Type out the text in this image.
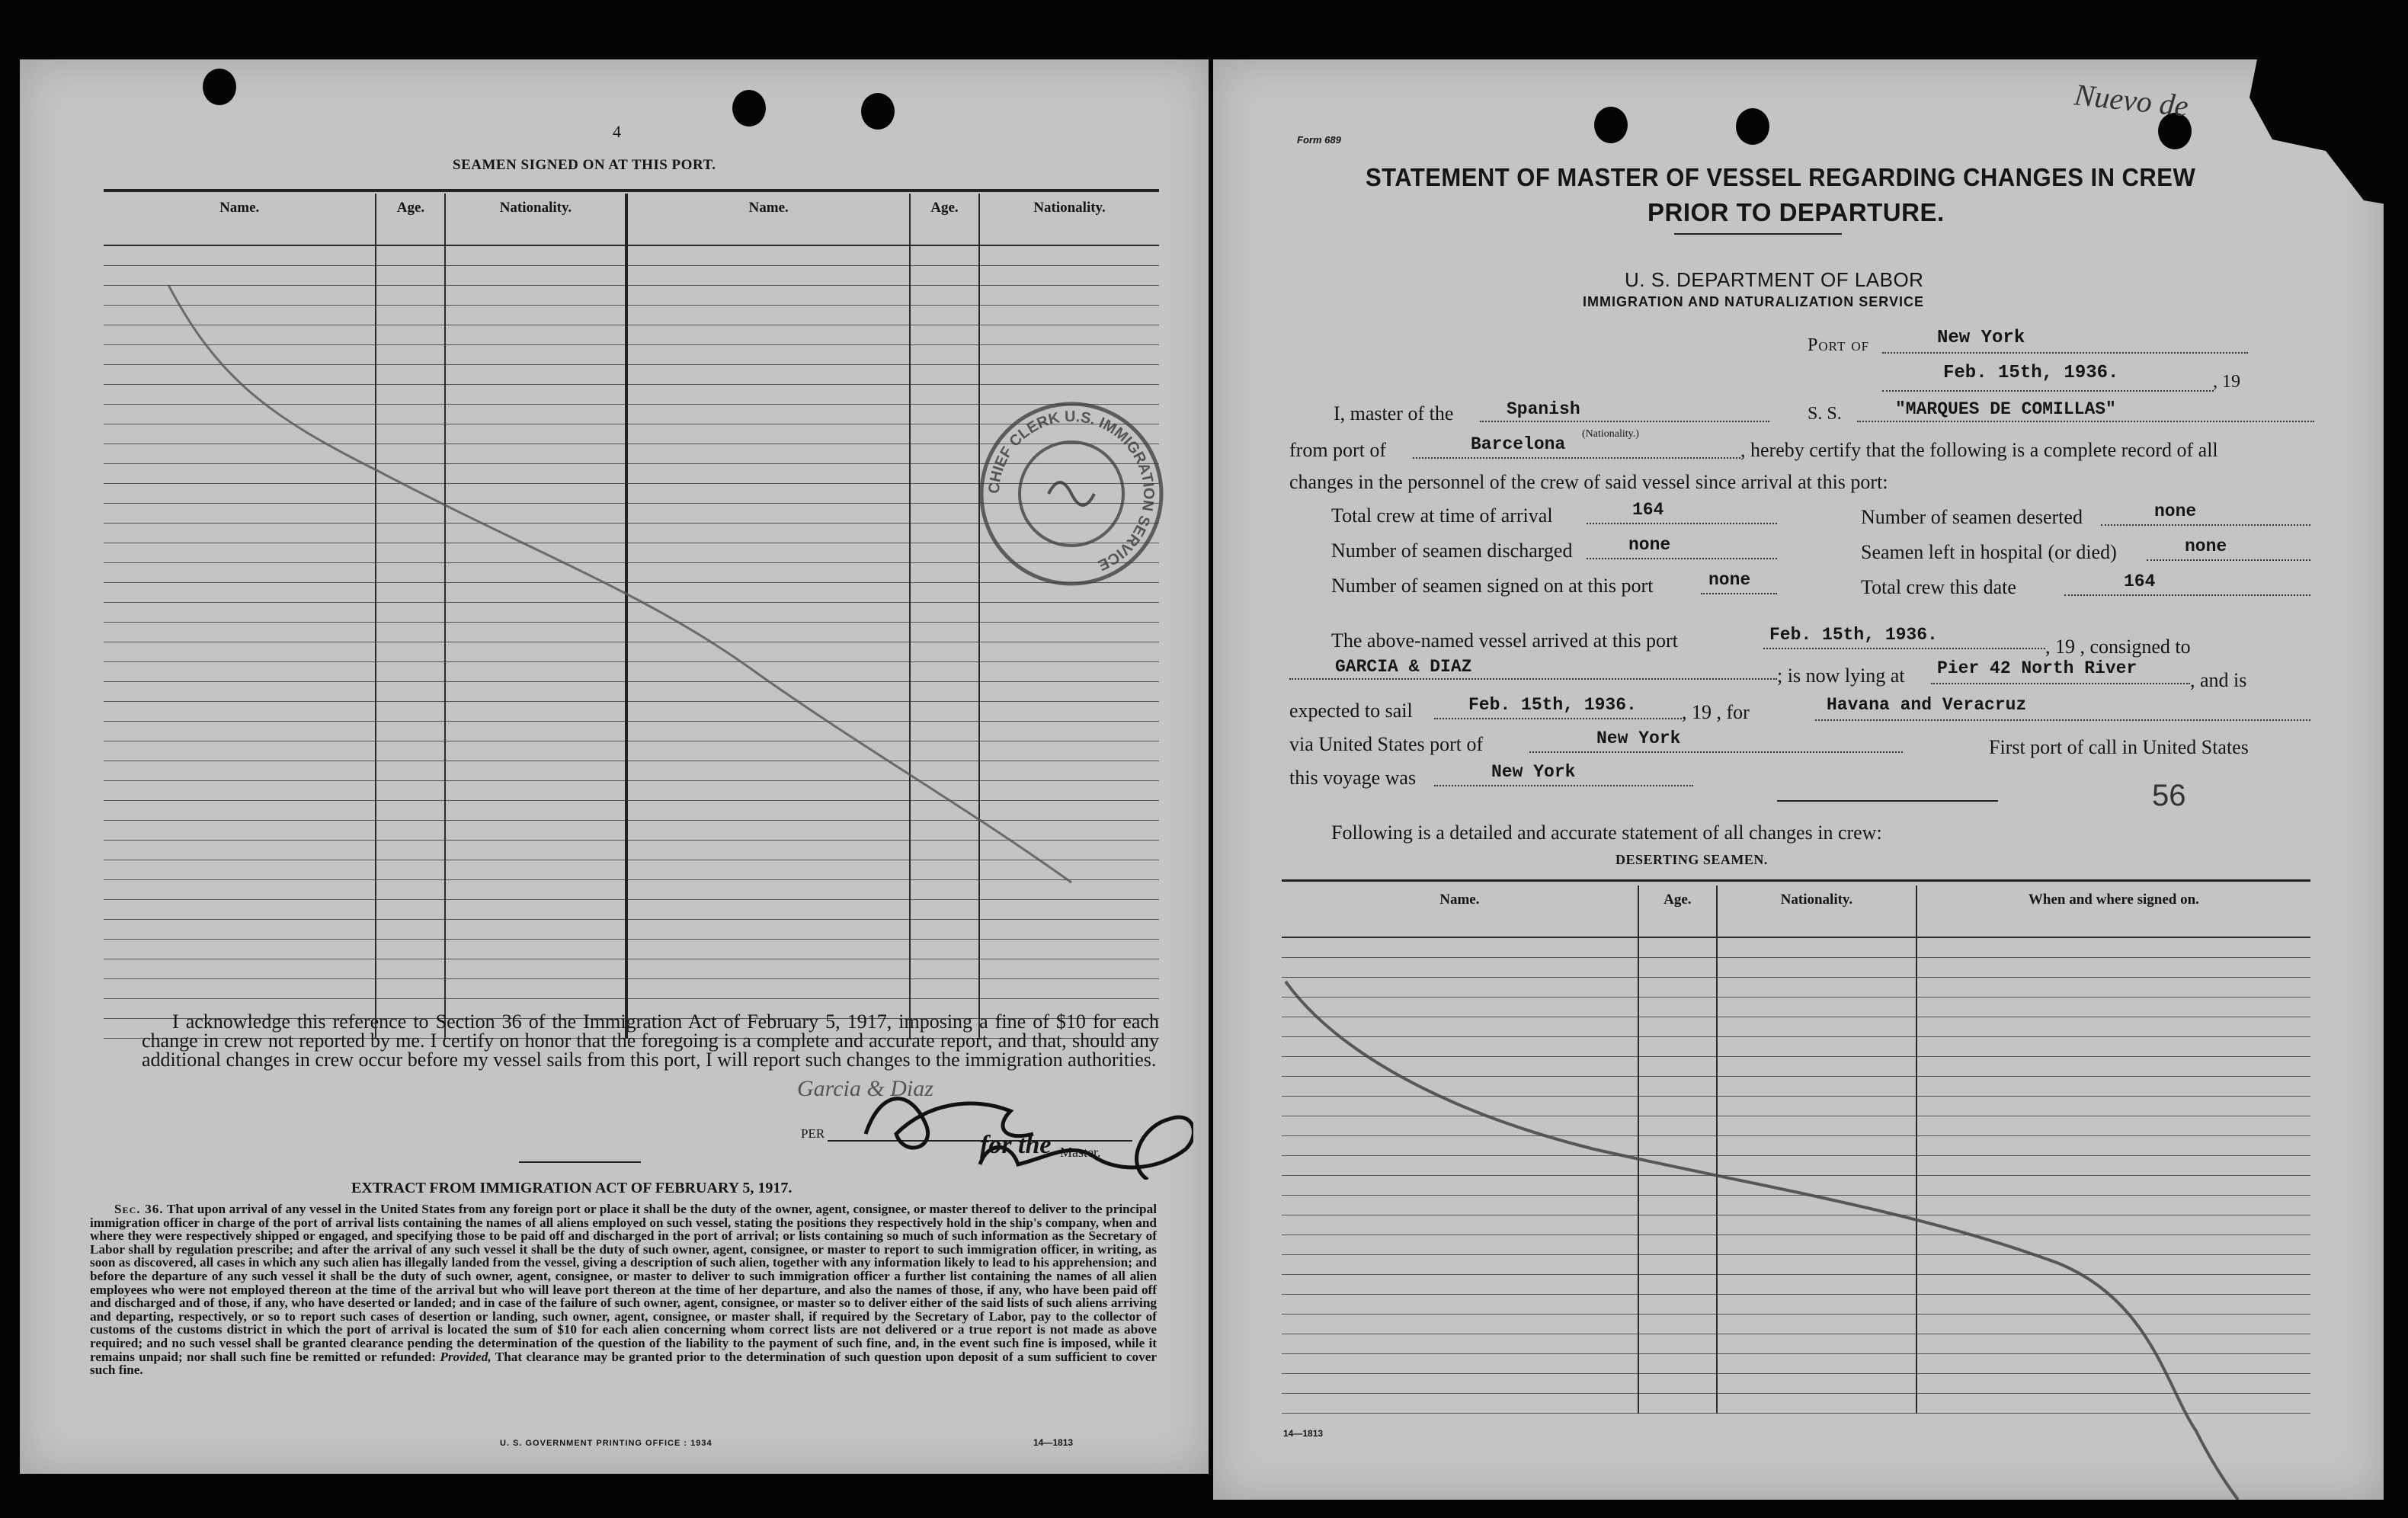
4
SEAMEN SIGNED ON AT THIS PORT.
Name.	Age.	Nationality.	Name.	Age.	Nationality.

CHIEF CLERK U.S. IMMIGRATION SERVICE
I acknowledge this reference to Section 36 of the Immigration Act of February 5, 1917, imposing a fine of $10 for each change in crew not reported by me. I certify on honor that the foregoing is a complete and accurate report, and that, should any additional changes in crew occur before my vessel sails from this port, I will report such changes to the immigration authorities.
Garcia & Diaz
PER	for the Master.
EXTRACT FROM IMMIGRATION ACT OF FEBRUARY 5, 1917.
Sec. 36. That upon arrival of any vessel in the United States from any foreign port or place it shall be the duty of the owner, agent, consignee, or master thereof to deliver to the principal immigration officer in charge of the port of arrival lists containing the names of all aliens employed on such vessel, stating the positions they respectively hold in the ship's company, when and where they were respectively shipped or engaged, and specifying those to be paid off and discharged in the port of arrival; or lists containing so much of such information as the Secretary of Labor shall by regulation prescribe; and after the arrival of any such vessel it shall be the duty of such owner, agent, consignee, or master to report to such immigration officer, in writing, as soon as discovered, all cases in which any such alien has illegally landed from the vessel, giving a description of such alien, together with any information likely to lead to his apprehension; and before the departure of any such vessel it shall be the duty of such owner, agent, consignee, or master to deliver to such immigration officer a further list containing the names of all alien employees who were not employed thereon at the time of the arrival but who will leave port thereon at the time of her departure, and also the names of those, if any, who have been paid off and discharged and of those, if any, who have deserted or landed; and in case of the failure of such owner, agent, consignee, or master so to deliver either of the said lists of such aliens arriving and departing, respectively, or so to report such cases of desertion or landing, such owner, agent, consignee, or master shall, if required by the Secretary of Labor, pay to the collector of customs of the customs district in which the port of arrival is located the sum of $10 for each alien concerning whom correct lists are not delivered or a true report is not made as above required; and no such vessel shall be granted clearance pending the determination of the question of the liability to the payment of such fine, and, in the event such fine is imposed, while it remains unpaid; nor shall such fine be remitted or refunded: Provided, That clearance may be granted prior to the determination of such question upon deposit of a sum sufficient to cover such fine.
U. S. GOVERNMENT PRINTING OFFICE : 1934	14—1813
Nuevo de
Form 689
STATEMENT OF MASTER OF VESSEL REGARDING CHANGES IN CREW
PRIOR TO DEPARTURE.
U. S. DEPARTMENT OF LABOR
IMMIGRATION AND NATURALIZATION SERVICE
Port of	New York
Feb. 15th, 1936.	, 19
I, master of the	Spanish	S. S.	"MARQUES DE COMILLAS"
from port of	Barcelona
(Nationality.)
, hereby certify that the following is a complete record of all
changes in the personnel of the crew of said vessel since arrival at this port:
Total crew at time of arrival	164	Number of seamen deserted	none
Number of seamen discharged	none	Seamen left in hospital (or died)	none
Number of seamen signed on at this port	none	Total crew this date	164
The above-named vessel arrived at this port	Feb. 15th, 1936.
, 19 , consigned to
GARCIA & DIAZ	; is now lying at Pier 42 North River
, and is
expected to sail	Feb. 15th, 1936. , 19 , for	Havana and Veracruz
via United States port of	New York	First port of call in United States
this voyage was	New York
56
Following is a detailed and accurate statement of all changes in crew:
DESERTING SEAMEN.
Name.	Age.	Nationality.	When and where signed on.

14—1813
